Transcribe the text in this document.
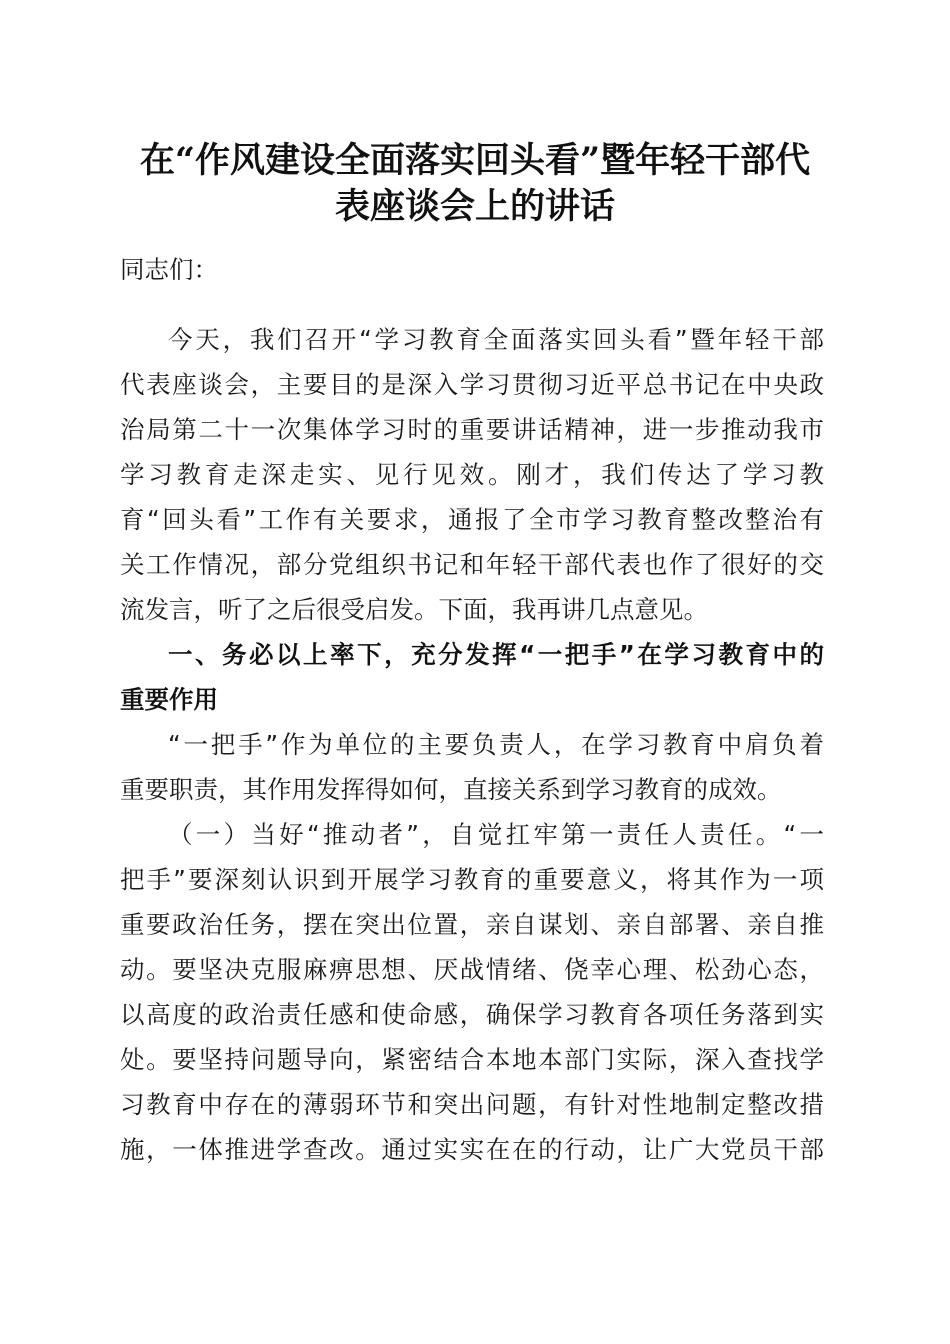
在“作风建设全面落实回头看”暨年轻干部代
表座谈会上的讲话
同志们：
今天，我们召开“学习教育全面落实回头看”暨年轻干部
代表座谈会，主要目的是深入学习贯彻习近平总书记在中央政
治局第二十一次集体学习时的重要讲话精神，进一步推动我市
学习教育走深走实、见行见效。刚才，我们传达了学习教
育“回头看”工作有关要求，通报了全市学习教育整改整治有
关工作情况，部分党组织书记和年轻干部代表也作了很好的交
流发言，听了之后很受启发。下面，我再讲几点意见。
一、务必以上率下，充分发挥“一把手”在学习教育中的
重要作用
“一把手”作为单位的主要负责人，在学习教育中肩负着
重要职责，其作用发挥得如何，直接关系到学习教育的成效。
（一）当好“推动者”，自觉扛牢第一责任人责任。“一
把手”要深刻认识到开展学习教育的重要意义，将其作为一项
重要政治任务，摆在突出位置，亲自谋划、亲自部署、亲自推
动。要坚决克服麻痹思想、厌战情绪、侥幸心理、松劲心态，
以高度的政治责任感和使命感，确保学习教育各项任务落到实
处。要坚持问题导向，紧密结合本地本部门实际，深入查找学
习教育中存在的薄弱环节和突出问题，有针对性地制定整改措
施，一体推进学查改。通过实实在在的行动，让广大党员干部
